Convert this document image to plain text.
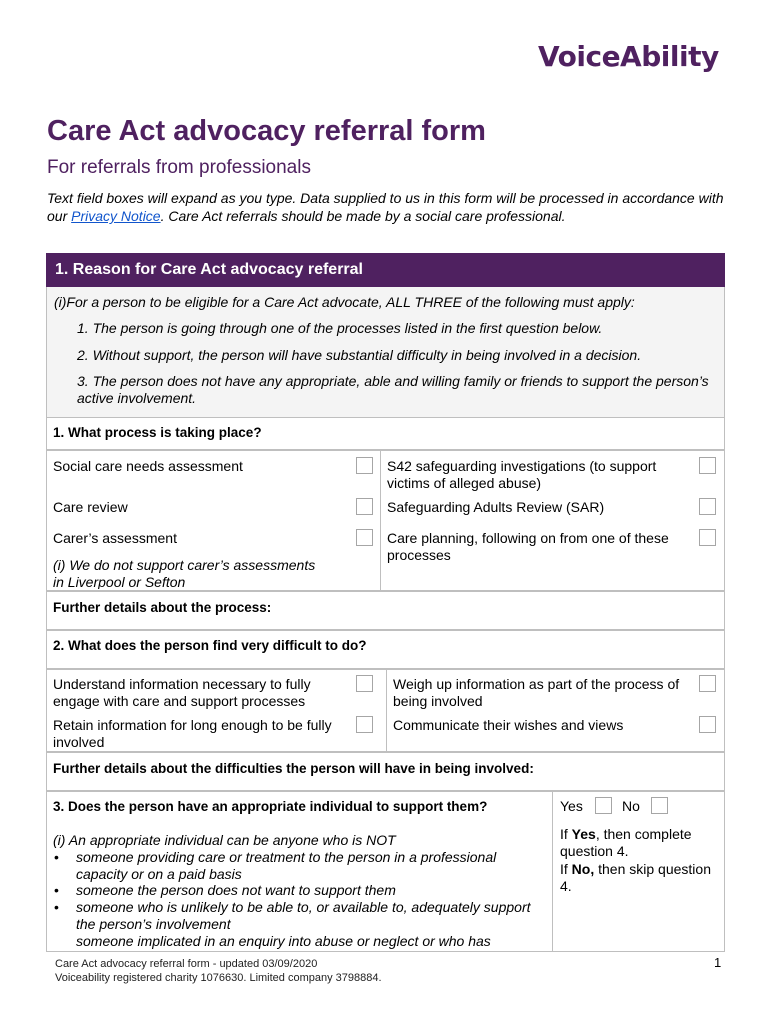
VoiceAbility
Care Act advocacy referral form
For referrals from professionals
Text field boxes will expand as you type. Data supplied to us in this form will be processed in accordance with our Privacy Notice. Care Act referrals should be made by a social care professional.
1. Reason for Care Act advocacy referral
(i)For a person to be eligible for a Care Act advocate, ALL THREE of the following must apply:
1. The person is going through one of the processes listed in the first question below.
2. Without support, the person will have substantial difficulty in being involved in a decision.
3. The person does not have any appropriate, able and willing family or friends to support the person’s active involvement.
1. What process is taking place?
Social care needs assessment	S42 safeguarding investigations (to support victims of alleged abuse)
Care review	Safeguarding Adults Review (SAR)
Carer’s assessment
(i) We do not support carer’s assessments in Liverpool or Sefton
Care planning, following on from one of these processes
Further details about the process:
2. What does the person find very difficult to do?
Understand information necessary to fully engage with care and support processes
Weigh up information as part of the process of being involved
Retain information for long enough to be fully involved
Communicate their wishes and views
Further details about the difficulties the person will have in being involved:
3. Does the person have an appropriate individual to support them?
(i) An appropriate individual can be anyone who is NOT
• someone providing care or treatment to the person in a professional capacity or on a paid basis
• someone the person does not want to support them
• someone who is unlikely to be able to, or available to, adequately support the person’s involvement
• someone implicated in an enquiry into abuse or neglect or who has
Yes	No
If Yes, then complete question 4.
If No, then skip question 4.
Care Act advocacy referral form - updated 03/09/2020
Voiceability registered charity 1076630. Limited company 3798884.
1
